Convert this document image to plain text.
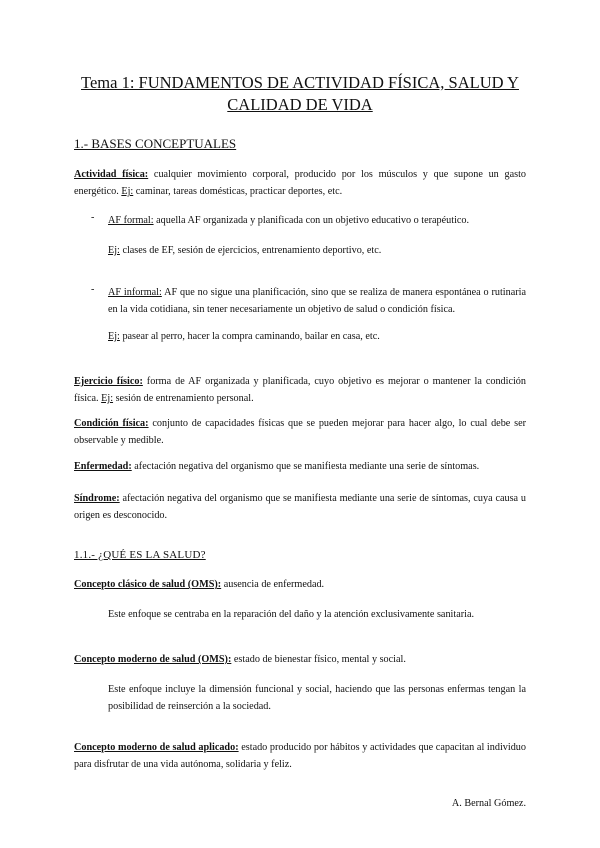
Tema 1: FUNDAMENTOS DE ACTIVIDAD FÍSICA, SALUD Y
CALIDAD DE VIDA
1.- BASES CONCEPTUALES
Actividad física: cualquier movimiento corporal, producido por los músculos y que supone un gasto energético. Ej: caminar, tareas domésticas, practicar deportes, etc.
- AF formal: aquella AF organizada y planificada con un objetivo educativo o terapéutico.
Ej: clases de EF, sesión de ejercicios, entrenamiento deportivo, etc.
- AF informal: AF que no sigue una planificación, sino que se realiza de manera espontánea o rutinaria en la vida cotidiana, sin tener necesariamente un objetivo de salud o condición física.
Ej: pasear al perro, hacer la compra caminando, bailar en casa, etc.
Ejercicio físico: forma de AF organizada y planificada, cuyo objetivo es mejorar o mantener la condición física. Ej: sesión de entrenamiento personal.
Condición física: conjunto de capacidades físicas que se pueden mejorar para hacer algo, lo cual debe ser observable y medible.
Enfermedad: afectación negativa del organismo que se manifiesta mediante una serie de síntomas.
Síndrome: afectación negativa del organismo que se manifiesta mediante una serie de síntomas, cuya causa u origen es desconocido.
1.1.- ¿QUÉ ES LA SALUD?
Concepto clásico de salud (OMS): ausencia de enfermedad.
Este enfoque se centraba en la reparación del daño y la atención exclusivamente sanitaria.
Concepto moderno de salud (OMS): estado de bienestar físico, mental y social.
Este enfoque incluye la dimensión funcional y social, haciendo que las personas enfermas tengan la posibilidad de reinserción a la sociedad.
Concepto moderno de salud aplicado: estado producido por hábitos y actividades que capacitan al individuo para disfrutar de una vida autónoma, solidaria y feliz.
A. Bernal Gómez.
